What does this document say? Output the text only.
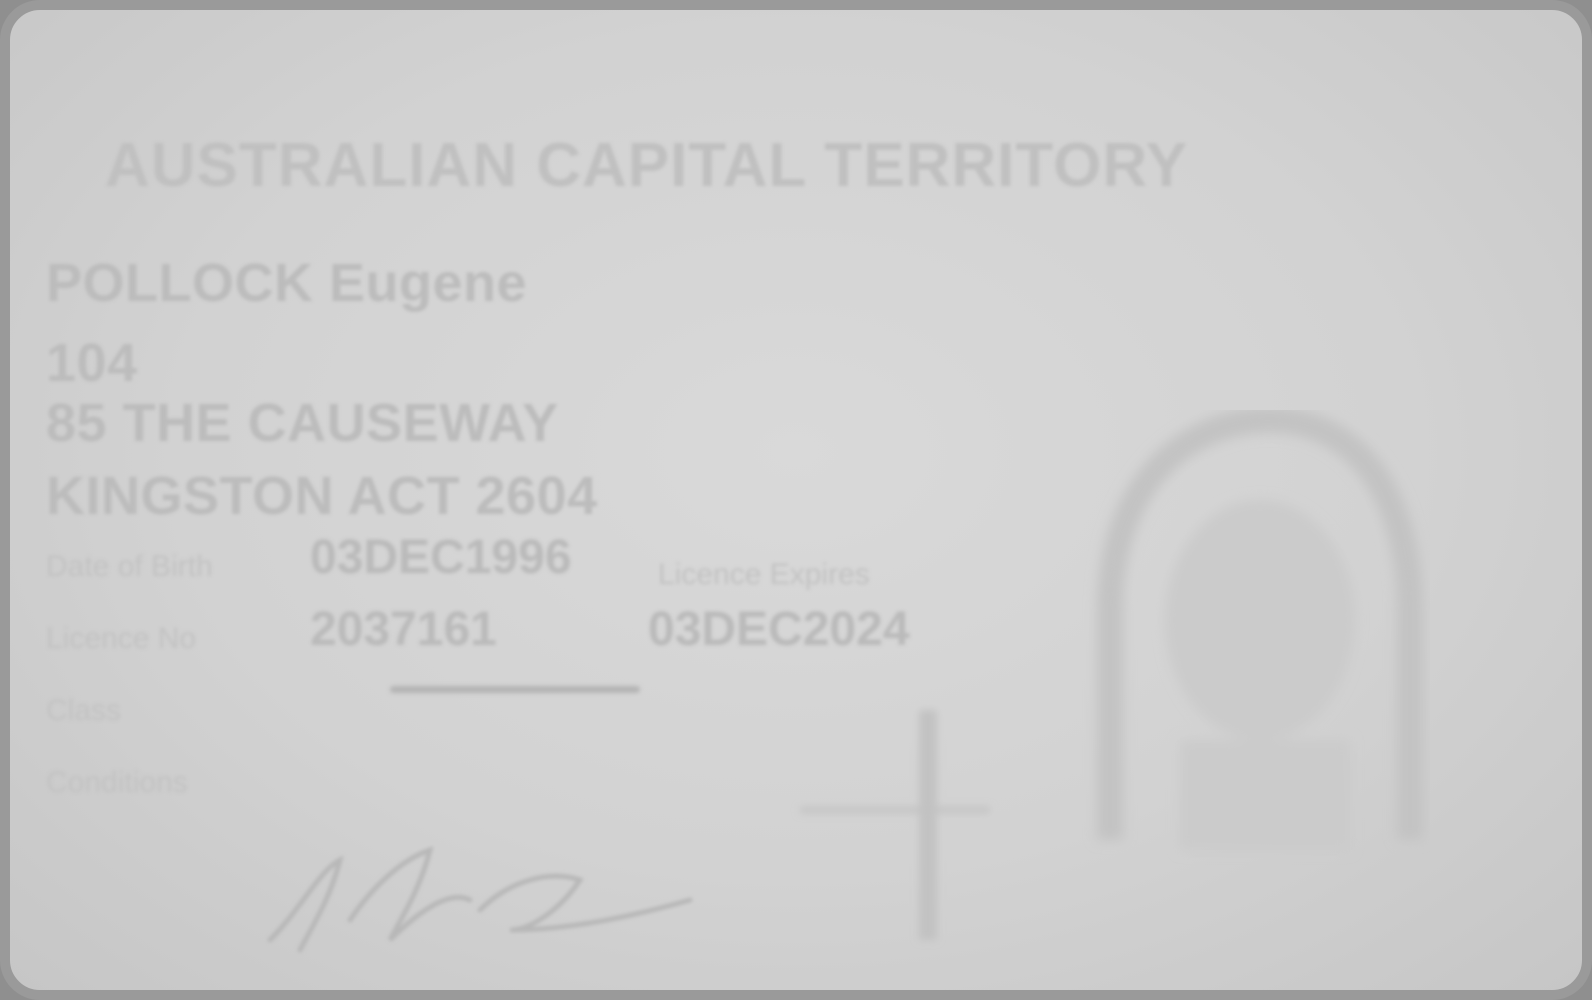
AUSTRALIAN CAPITAL TERRITORY
POLLOCK Eugene
104
85 THE CAUSEWAY
KINGSTON ACT 2604
Date of Birth 03DEC1996	Licence Expires
Licence No 2037161	03DEC2024
Class
Conditions
